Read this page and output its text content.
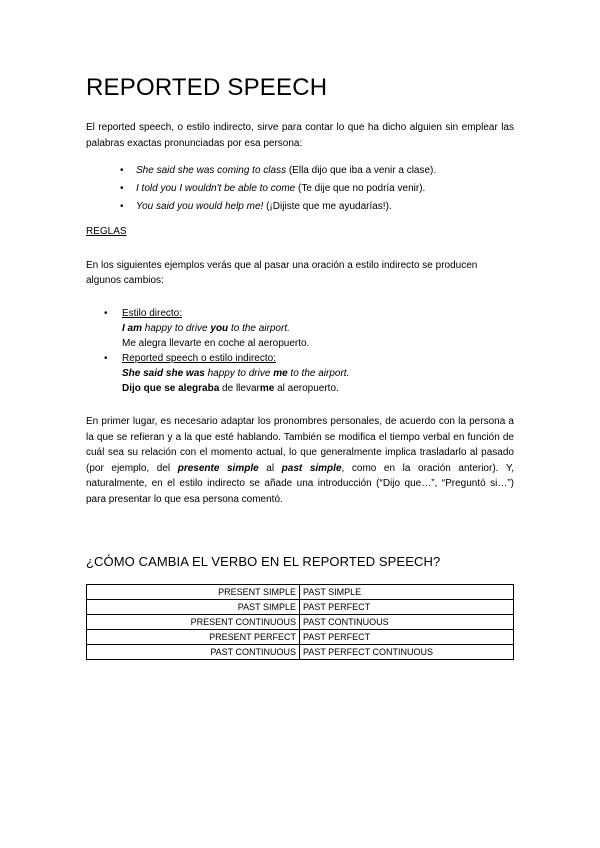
REPORTED SPEECH

El reported speech, o estilo indirecto, sirve para contar lo que ha dicho alguien sin emplear las palabras exactas pronunciadas por esa persona:

• She said she was coming to class (Ella dijo que iba a venir a clase).
• I told you I wouldn't be able to come (Te dije que no podría venir).
• You said you would help me! (¡Dijiste que me ayudarías!).
REGLAS

En los siguientes ejemplos verás que al pasar una oración a estilo indirecto se producen algunos cambios:

• Estilo directo:
I am happy to drive you to the airport.
Me alegra llevarte en coche al aeropuerto.
• Reported speech o estilo indirecto:
She said she was happy to drive me to the airport.
Dijo que se alegraba de llevarme al aeropuerto.

En primer lugar, es necesario adaptar los pronombres personales, de acuerdo con la persona a la que se refieran y a la que esté hablando. También se modifica el tiempo verbal en función de cuál sea su relación con el momento actual, lo que generalmente implica trasladarlo al pasado (por ejemplo, del presente simple al past simple, como en la oración anterior). Y, naturalmente, en el estilo indirecto se añade una introducción (“Dijo que…”, “Preguntó si…”) para presentar lo que esa persona comentó.

¿CÓMO CAMBIA EL VERBO EN EL REPORTED SPEECH?
PRESENT SIMPLE	PAST SIMPLE
PAST SIMPLE	PAST PERFECT
PRESENT CONTINUOUS	PAST CONTINUOUS
PRESENT PERFECT	PAST PERFECT
PAST CONTINUOUS	PAST PERFECT CONTINUOUS
